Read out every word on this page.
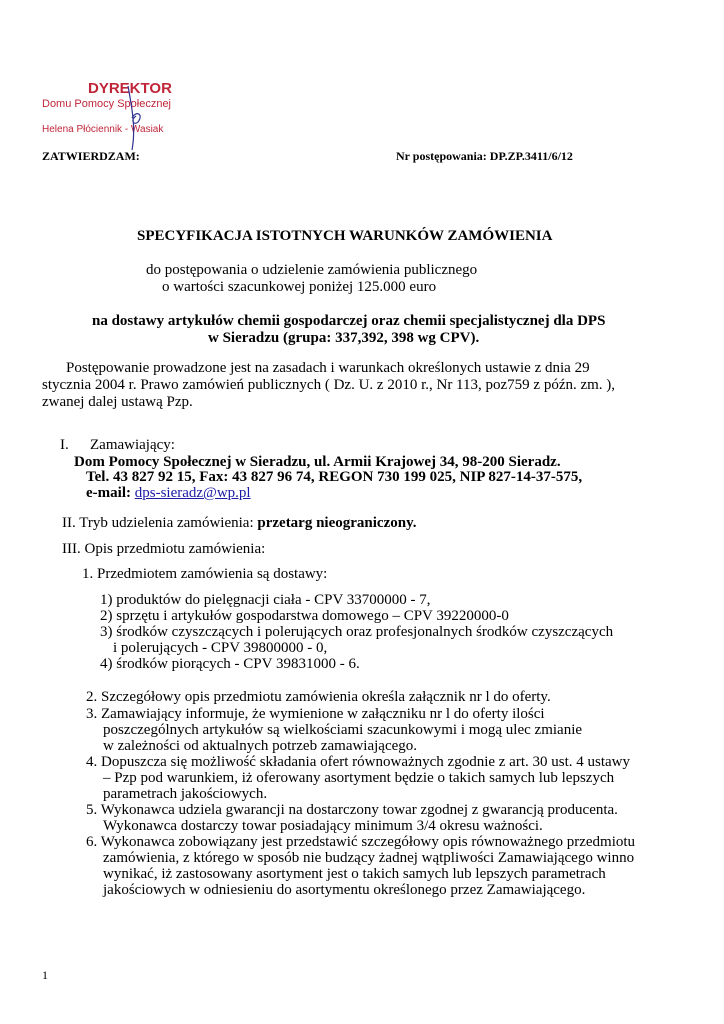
DYREKTOR
Domu Pomocy Społecznej
Helena Płóciennik - Wasiak
ZATWIERDZAM:	Nr postępowania: DP.ZP.3411/6/12
SPECYFIKACJA ISTOTNYCH WARUNKÓW ZAMÓWIENIA
do postępowania o udzielenie zamówienia publicznego
o wartości szacunkowej poniżej 125.000 euro
na dostawy artykułów chemii gospodarczej oraz chemii specjalistycznej dla DPS
w Sieradzu (grupa: 337,392, 398 wg CPV).
Postępowanie prowadzone jest na zasadach i warunkach określonych ustawie z dnia 29
stycznia 2004 r. Prawo zamówień publicznych ( Dz. U. z 2010 r., Nr 113, poz759 z późn. zm. ),
zwanej dalej ustawą Pzp.
I. Zamawiający:
Dom Pomocy Społecznej w Sieradzu, ul. Armii Krajowej 34, 98-200 Sieradz.
Tel. 43 827 92 15, Fax: 43 827 96 74, REGON 730 199 025, NIP 827-14-37-575,
e-mail: dps-sieradz@wp.pl
II. Tryb udzielenia zamówienia: przetarg nieograniczony.
III. Opis przedmiotu zamówienia:
1. Przedmiotem zamówienia są dostawy:
1) produktów do pielęgnacji ciała - CPV 33700000 - 7,
2) sprzętu i artykułów gospodarstwa domowego – CPV 39220000-0
3) środków czyszczących i polerujących oraz profesjonalnych środków czyszczących
i polerujących - CPV 39800000 - 0,
4) środków piorących - CPV 39831000 - 6.
2. Szczegółowy opis przedmiotu zamówienia określa załącznik nr l do oferty.
3. Zamawiający informuje, że wymienione w załączniku nr l do oferty ilości
poszczególnych artykułów są wielkościami szacunkowymi i mogą ulec zmianie
w zależności od aktualnych potrzeb zamawiającego.
4. Dopuszcza się możliwość składania ofert równoważnych zgodnie z art. 30 ust. 4 ustawy
– Pzp pod warunkiem, iż oferowany asortyment będzie o takich samych lub lepszych
parametrach jakościowych.
5. Wykonawca udziela gwarancji na dostarczony towar zgodnej z gwarancją producenta.
Wykonawca dostarczy towar posiadający minimum 3/4 okresu ważności.
6. Wykonawca zobowiązany jest przedstawić szczegółowy opis równoważnego przedmiotu
zamówienia, z którego w sposób nie budzący żadnej wątpliwości Zamawiającego winno
wynikać, iż zastosowany asortyment jest o takich samych lub lepszych parametrach
jakościowych w odniesieniu do asortymentu określonego przez Zamawiającego.
1
